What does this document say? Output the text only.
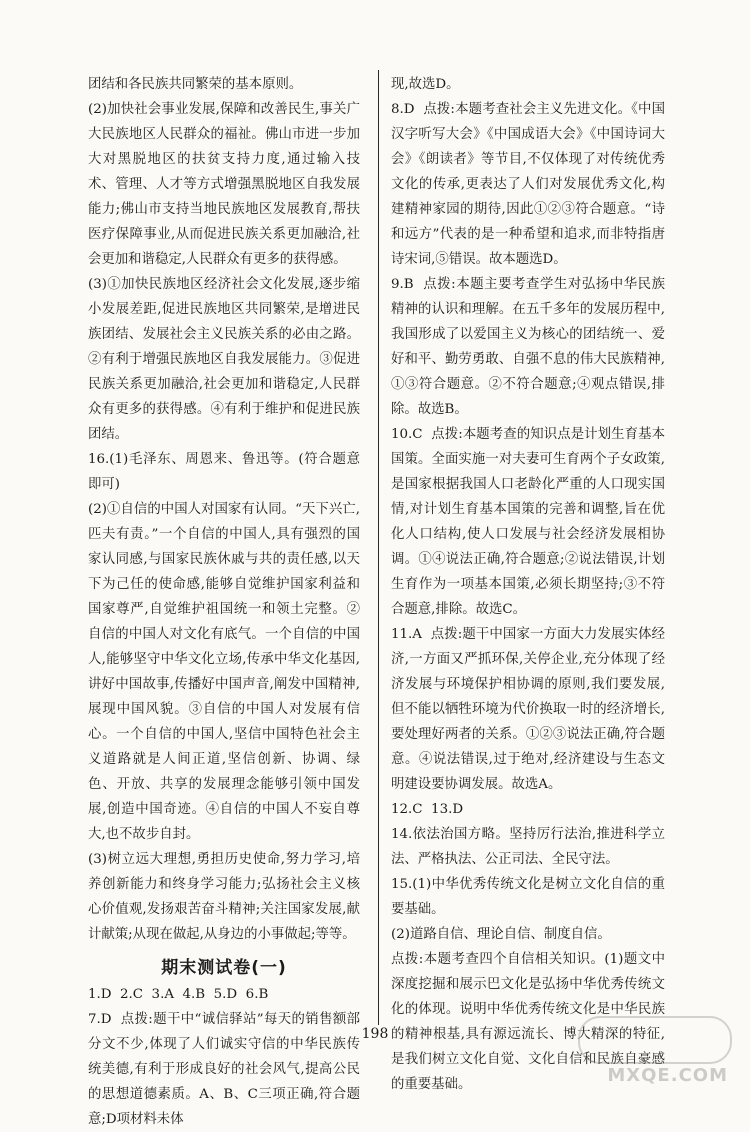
团结和各民族共同繁荣的基本原则。

(2)加快社会事业发展,保障和改善民生,事关广大民族地区人民群众的福祉。佛山市进一步加大对黑脱地区的扶贫支持力度,通过输入技术、管理、人才等方式增强黑脱地区自我发展能力;佛山市支持当地民族地区发展教育,帮扶医疗保障事业,从而促进民族关系更加融洽,社会更加和谐稳定,人民群众有更多的获得感。

(3)①加快民族地区经济社会文化发展,逐步缩小发展差距,促进民族地区共同繁荣,是增进民族团结、发展社会主义民族关系的必由之路。②有利于增强民族地区自我发展能力。③促进民族关系更加融洽,社会更加和谐稳定,人民群众有更多的获得感。④有利于维护和促进民族团结。

16.(1)毛泽东、周恩来、鲁迅等。(符合题意即可)

(2)①自信的中国人对国家有认同。“天下兴亡,匹夫有责。”一个自信的中国人,具有强烈的国家认同感,与国家民族休戚与共的责任感,以天下为己任的使命感,能够自觉维护国家利益和国家尊严,自觉维护祖国统一和领土完整。②自信的中国人对文化有底气。一个自信的中国人,能够坚守中华文化立场,传承中华文化基因,讲好中国故事,传播好中国声音,阐发中国精神,展现中国风貌。③自信的中国人对发展有信心。一个自信的中国人,坚信中国特色社会主义道路就是人间正道,坚信创新、协调、绿色、开放、共享的发展理念能够引领中国发展,创造中国奇迹。④自信的中国人不妄自尊大,也不故步自封。

(3)树立远大理想,勇担历史使命,努力学习,培养创新能力和终身学习能力;弘扬社会主义核心价值观,发扬艰苦奋斗精神;关注国家发展,献计献策;从现在做起,从身边的小事做起;等等。

期末测试卷(一)

1.D  2.C  3.A  4.B  5.D  6.B

7.D  点拨:题干中“诚信驿站”每天的销售额部分文不少,体现了人们诚实守信的中华民族传统美德,有利于形成良好的社会风气,提高公民的思想道德素质。A、B、C三项正确,符合题意;D项材料未体

现,故选D。

8.D  点拨:本题考查社会主义先进文化。《中国汉字听写大会》《中国成语大会》《中国诗词大会》《朗读者》等节目,不仅体现了对传统优秀文化的传承,更表达了人们对发展优秀文化,构建精神家园的期待,因此①②③符合题意。“诗和远方”代表的是一种希望和追求,而非特指唐诗宋词,⑤错误。故本题选D。

9.B  点拨:本题主要考查学生对弘扬中华民族精神的认识和理解。在五千多年的发展历程中,我国形成了以爱国主义为核心的团结统一、爱好和平、勤劳勇敢、自强不息的伟大民族精神,①③符合题意。②不符合题意;④观点错误,排除。故选B。

10.C  点拨:本题考查的知识点是计划生育基本国策。全面实施一对夫妻可生育两个子女政策,是国家根据我国人口老龄化严重的人口现实国情,对计划生育基本国策的完善和调整,旨在优化人口结构,使人口发展与社会经济发展相协调。①④说法正确,符合题意;②说法错误,计划生育作为一项基本国策,必须长期坚持;③不符合题意,排除。故选C。

11.A  点拨:题干中国家一方面大力发展实体经济,一方面又严抓环保,关停企业,充分体现了经济发展与环境保护相协调的原则,我们要发展,但不能以牺牲环境为代价换取一时的经济增长,要处理好两者的关系。①②③说法正确,符合题意。④说法错误,过于绝对,经济建设与生态文明建设要协调发展。故选A。

12.C  13.D

14.依法治国方略。坚持厉行法治,推进科学立法、严格执法、公正司法、全民守法。

15.(1)中华优秀传统文化是树立文化自信的重要基础。

(2)道路自信、理论自信、制度自信。

点拨:本题考查四个自信相关知识。(1)题文中深度挖掘和展示巴文化是弘扬中华优秀传统文化的体现。说明中华优秀传统文化是中华民族的精神根基,具有源远流长、博大精深的特征,是我们树立文化自觉、文化自信和民族自豪感的重要基础。

198
MXQE.COM
